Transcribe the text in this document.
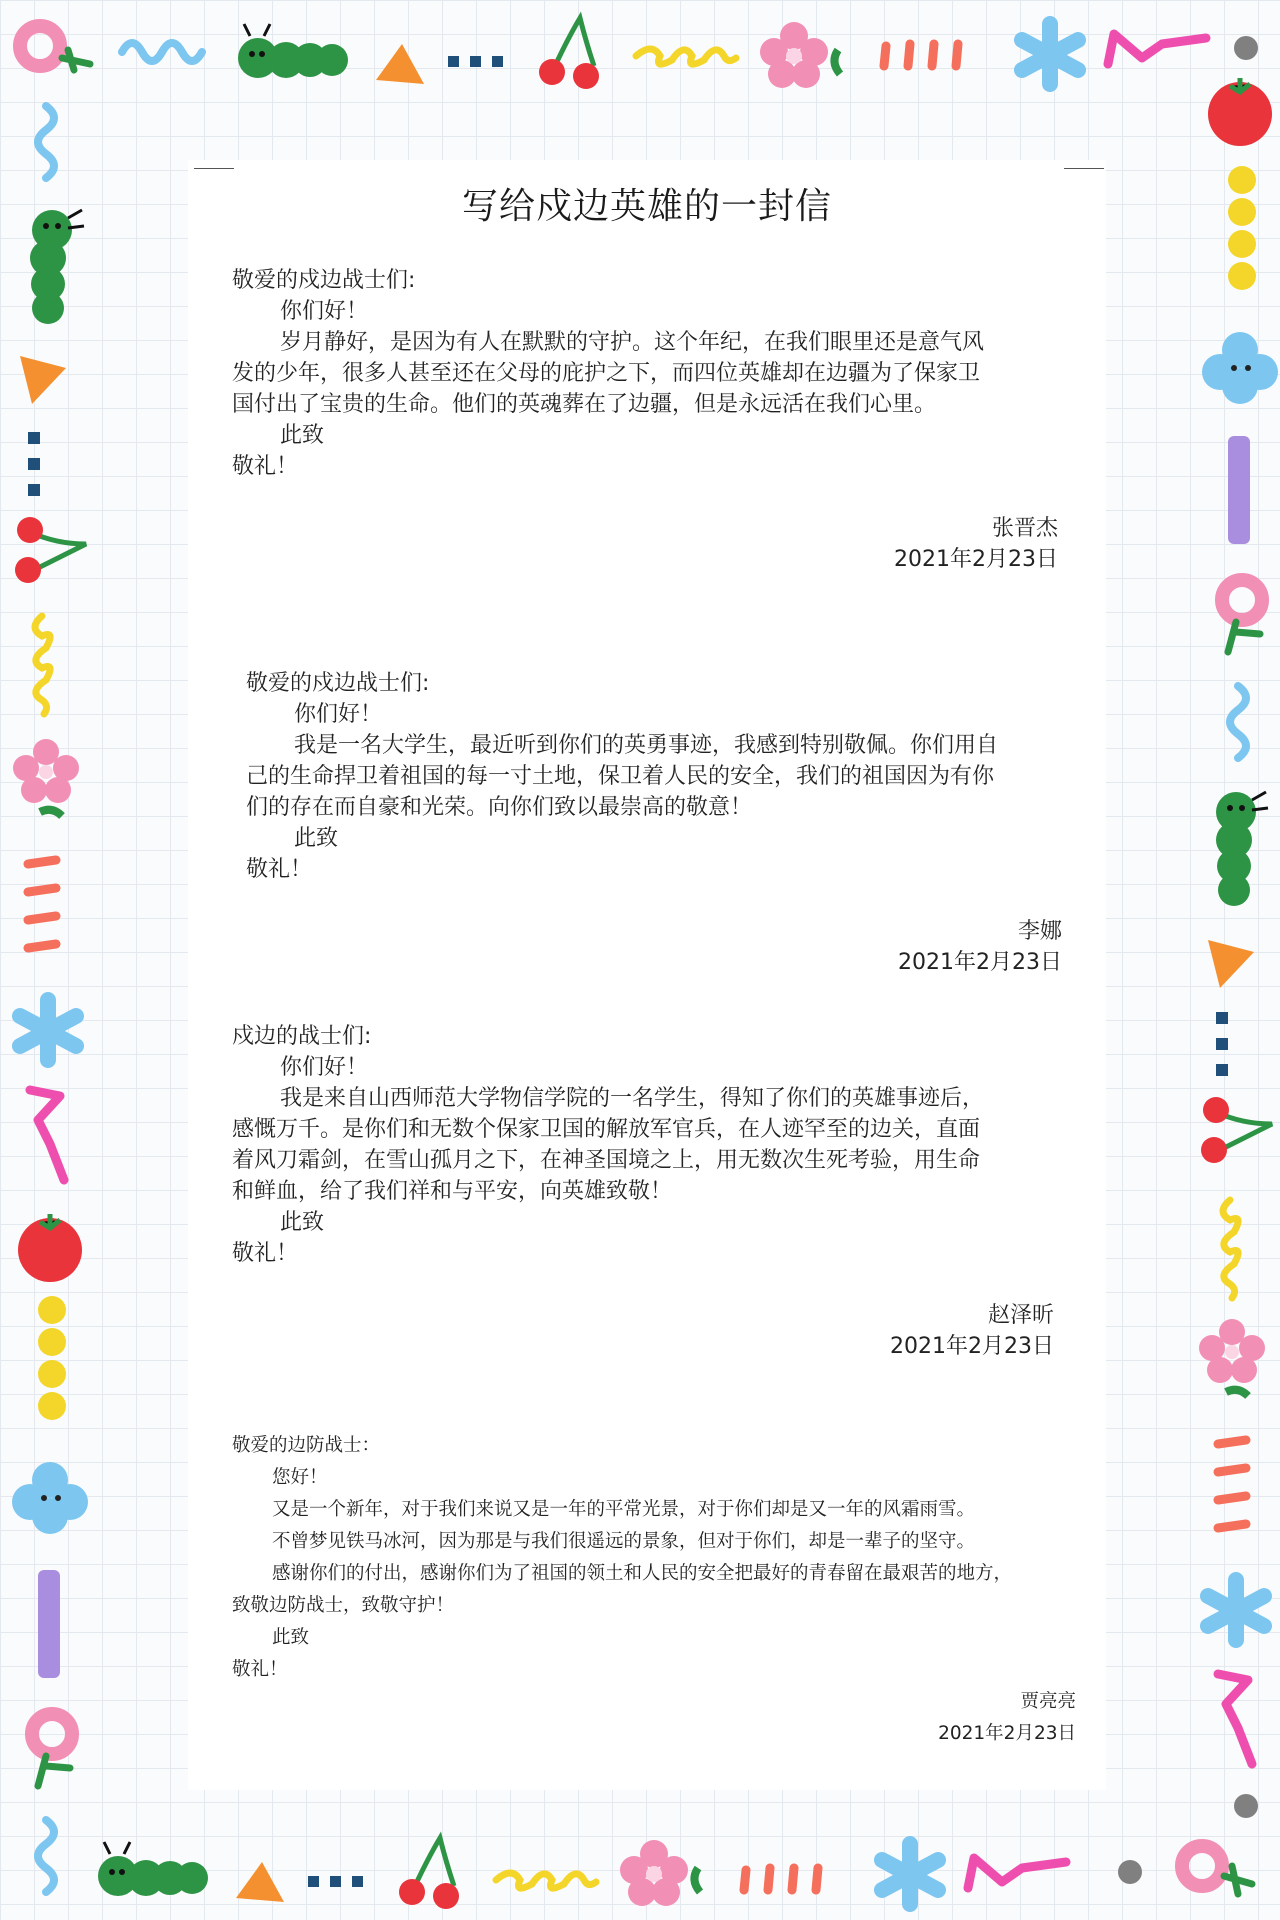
写给戍边英雄的一封信

敬爱的戍边战士们:

你们好！

岁月静好，是因为有人在默默的守护。这个年纪，在我们眼里还是意气风

发的少年，很多人甚至还在父母的庇护之下，而四位英雄却在边疆为了保家卫

国付出了宝贵的生命。他们的英魂葬在了边疆，但是永远活在我们心里。

此致

敬礼！

张晋杰

2021年2月23日

敬爱的戍边战士们:

你们好！

我是一名大学生，最近听到你们的英勇事迹，我感到特别敬佩。你们用自

己的生命捍卫着祖国的每一寸土地，保卫着人民的安全，我们的祖国因为有你

们的存在而自豪和光荣。向你们致以最崇高的敬意！

此致

敬礼！

李娜

2021年2月23日

戍边的战士们:

你们好！

我是来自山西师范大学物信学院的一名学生，得知了你们的英雄事迹后，

感慨万千。是你们和无数个保家卫国的解放军官兵，在人迹罕至的边关，直面

着风刀霜剑，在雪山孤月之下，在神圣国境之上，用无数次生死考验，用生命

和鲜血，给了我们祥和与平安，向英雄致敬！

此致

敬礼！

赵泽昕

2021年2月23日

敬爱的边防战士：

您好！

又是一个新年，对于我们来说又是一年的平常光景，对于你们却是又一年的风霜雨雪。

不曾梦见铁马冰河，因为那是与我们很遥远的景象，但对于你们，却是一辈子的坚守。

感谢你们的付出，感谢你们为了祖国的领土和人民的安全把最好的青春留在最艰苦的地方，

致敬边防战士，致敬守护！

此致

敬礼！

贾亮亮

2021年2月23日
